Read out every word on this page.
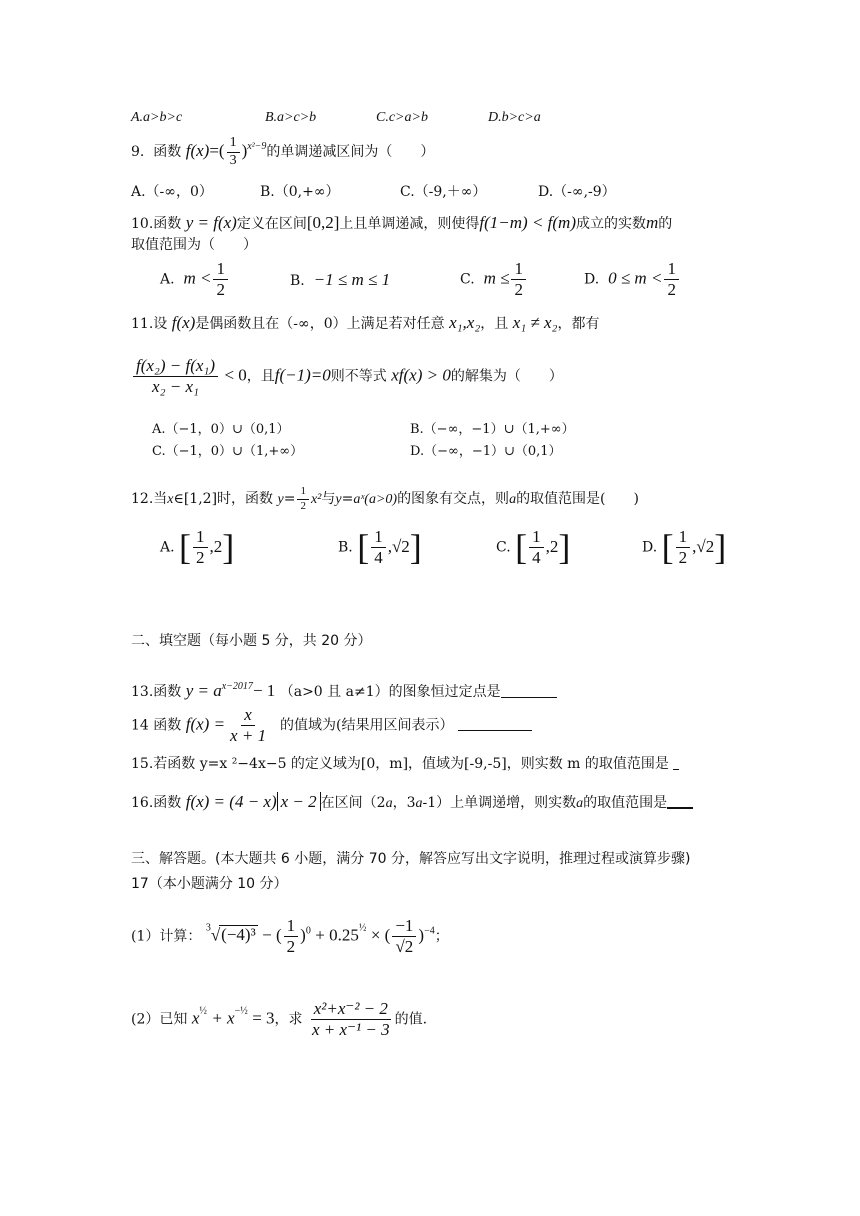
A.a>b>c	B.a>c>b	C.c>a>b	D.b>c>a
9. 函数 $f(x)=( \frac{1}{3} )^{x^2-9}$的单调递减区间为（　　）
A.（-∞，0）	B.（0,+∞）	C.（-9,＋∞）	D.（-∞,-9）
10.函数 y = f(x)定义在区间[0,2]上且单调递减，则使得f(1−m) < f(m)成立的实数m的
取值范围为（　　）
A. $m < \frac{1}{2}$	B. −1 ≤ m ≤ 1	C. $m \le \frac{1}{2}$	D. $0 \le m < \frac{1}{2}$
11.设 f(x)是偶函数且在（-∞，0）上满足若对任意 x₁,x₂，且 x₁ ≠ x₂，都有
$\frac{\text{f(x₂) − f(x₁)}}{\text{x₂ − x₁}} < 0$，且f(−1)=0则不等式 xf(x) > 0的解集为（　　）
A.（−1，0）∪（0,1）	B.（−∞，−1）∪（1,+∞）
C.（−1，0）∪（1,+∞）	D.（−∞，−1）∪（0,1）
12.当x∈[1,2]时，函数 $y= \frac{1}{2} x^2$与y=aˣ(a>0)的图象有交点，则a的取值范围是(　　)
A. [ $\frac{1}{2}$ , 2 ]	B. [ $\frac{1}{4}$ , √2 ]	C. [ $\frac{1}{4}$ , 2 ]	D. [ $\frac{1}{2}$ , √2 ]
二、填空题（每小题 5 分，共 20 分）
13.函数 $y = a^{x-2017}- 1$ （a>0 且 a≠1）的图象恒过定点是
14 函数 $f(x) = \frac{x}{x + 1}$ 的值域为(结果用区间表示）
15.若函数 y=x ²−4x−5 的定义域为[0，m]，值域为[-9,-5]，则实数 m 的取值范围是
16.函数 f(x) = (4 − x) x − 2 在区间（2a，3a-1）上单调递增，则实数a的取值范围是
三、解答题。(本大题共 6 小题，满分 70 分，解答应写出文字说明，推理过程或演算步骤)
17（本小题满分 10 分）
(1）计算： $^3$√(−4)³ − ( $\frac{1}{2} )^0 + 0.25^{\frac{1}{2}}$ × ( $\frac{-1}{√2} )^{-4}$；
(2）已知 $x^{\frac{1}{2}} + x^{-\frac{1}{2}} = 3$，求 $\frac{\text{x²+x⁻² − 2}}{\text{x + x⁻¹ − 3}}$ 的值.
